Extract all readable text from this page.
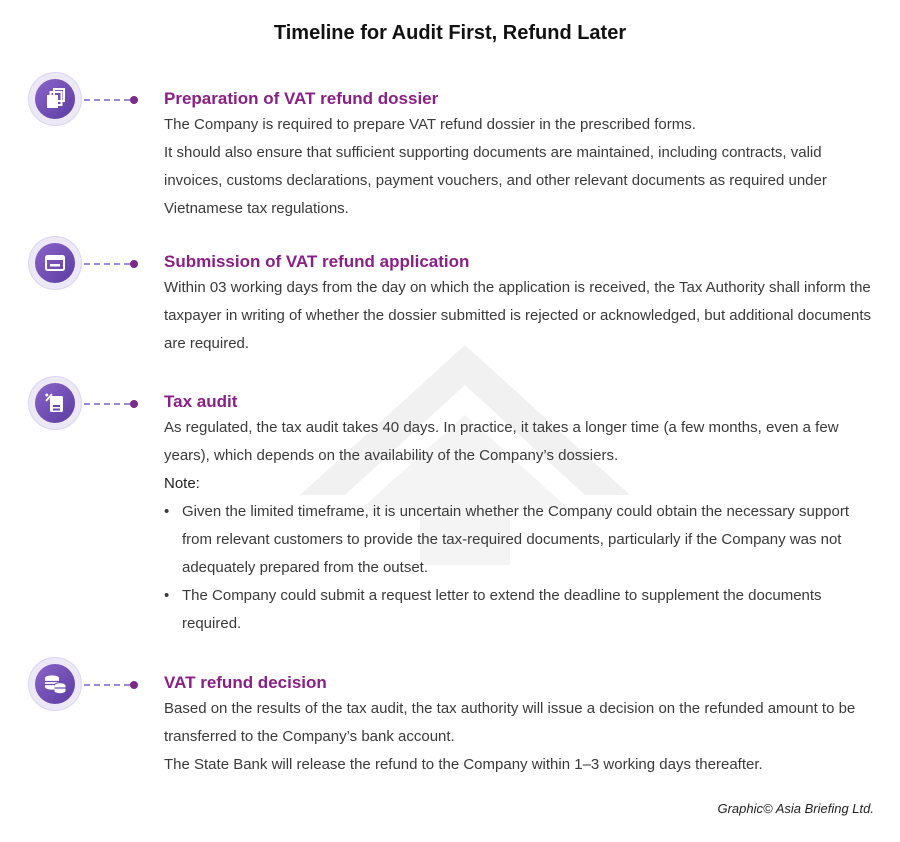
Timeline for Audit First, Refund Later
Preparation of VAT refund dossier

The Company is required to prepare VAT refund dossier in the prescribed forms.

It should also ensure that sufficient supporting documents are maintained, including contracts, valid invoices, customs declarations, payment vouchers, and other relevant documents as required under Vietnamese tax regulations.

Submission of VAT refund application

Within 03 working days from the day on which the application is received, the Tax Authority shall inform the taxpayer in writing of whether the dossier submitted is rejected or acknowledged, but additional documents are required.

Tax audit

As regulated, the tax audit takes 40 days. In practice, it takes a longer time (a few months, even a few years), which depends on the availability of the Company’s dossiers.

Note:

• Given the limited timeframe, it is uncertain whether the Company could obtain the necessary support from relevant customers to provide the tax-required documents, particularly if the Company was not adequately prepared from the outset.
• The Company could submit a request letter to extend the deadline to supplement the documents required.
VAT refund decision

Based on the results of the tax audit, the tax authority will issue a decision on the refunded amount to be transferred to the Company’s bank account.

The State Bank will release the refund to the Company within 1–3 working days thereafter.

Graphic© Asia Briefing Ltd.
